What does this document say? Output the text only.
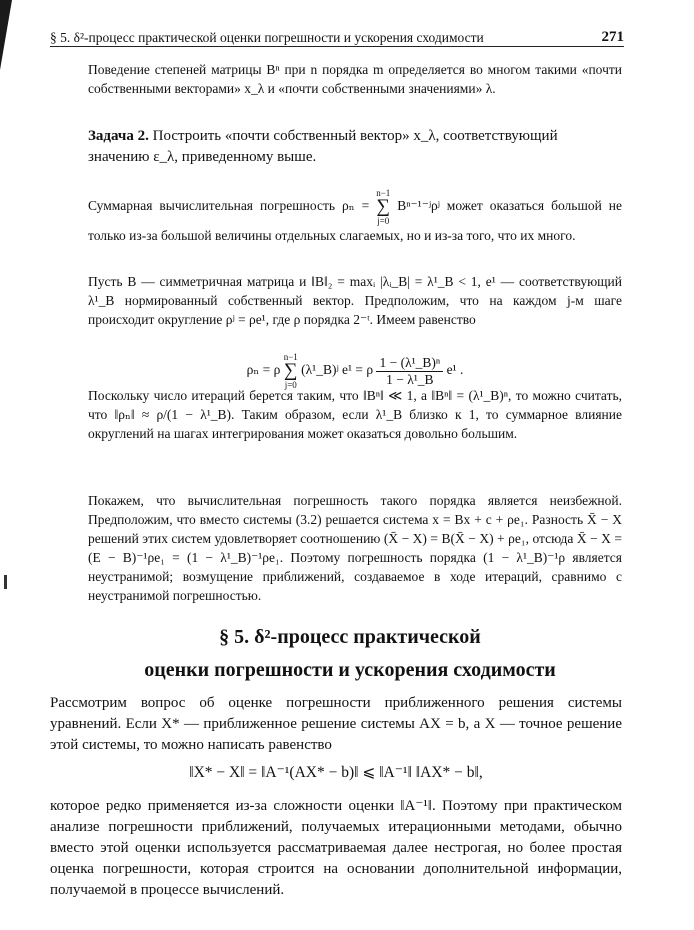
§ 5. δ²-процесс практической оценки погрешности и ускорения сходимости	271
Поведение степеней матрицы Bⁿ при n порядка m определяется во многом такими «почти собственными векторами» x_λ и «почти собственными значениями» λ.
Задача 2. Построить «почти собственный вектор» x_λ, соответствующий значению ε_λ, приведенному выше.
Суммарная вычислительная погрешность ρₙ = n−1
∑
j=0 Bⁿ⁻¹⁻ʲρʲ может оказаться большой не только из-за большой величины отдельных слагаемых, но и из-за того, что их много.
Пусть B — симметричная матрица и ‖B‖₂ = maxᵢ |λᵢ_B| = λ¹_B < 1, e¹ — соответствующий λ¹_B нормированный собственный вектор. Предположим, что на каждом j-м шаге происходит округление ρʲ = ρe¹, где ρ порядка 2⁻ᵗ. Имеем равенство
ρₙ = ρ n−1
∑
j=0 (λ¹_B)ʲ e¹ = ρ $\frac{\text{1 − (λ¹\_B)ⁿ}}{\text{1 − λ¹\_B}} e^1$ .
Поскольку число итераций берется таким, что ‖Bⁿ‖ ≪ 1, а ‖Bⁿ‖ = (λ¹_B)ⁿ, то можно считать, что ‖ρₙ‖ ≈ ρ/(1 − λ¹_B). Таким образом, если λ¹_B близко к 1, то суммарное влияние округлений на шагах интегрирования может оказаться довольно большим.
Покажем, что вычислительная погрешность такого порядка является неизбежной. Предположим, что вместо системы (3.2) решается система x = Bx + c + ρe₁. Разность X̄ − X решений этих систем удовлетворяет соотношению (X̄ − X) = B(X̄ − X) + ρe₁, отсюда X̄ − X = (E − B)⁻¹ρe₁ = (1 − λ¹_B)⁻¹ρe₁. Поэтому погрешность порядка (1 − λ¹_B)⁻¹ρ является неустранимой; возмущение приближений, создаваемое в ходе итераций, сравнимо с неустранимой погрешностью.
§ 5. δ²-процесс практической
оценки погрешности и ускорения сходимости
Рассмотрим вопрос об оценке погрешности приближенного решения системы уравнений. Если X* — приближенное решение системы AX = b, а X — точное решение этой системы, то можно написать равенство
‖X* − X‖ = ‖A⁻¹(AX* − b)‖ ⩽ ‖A⁻¹‖ ‖AX* − b‖,
которое редко применяется из-за сложности оценки ‖A⁻¹‖. Поэтому при практическом анализе погрешности приближений, получаемых итерационными методами, обычно вместо этой оценки используется рассматриваемая далее нестрогая, но более простая оценка погрешности, которая строится на основании дополнительной информации, получаемой в процессе вычислений.
